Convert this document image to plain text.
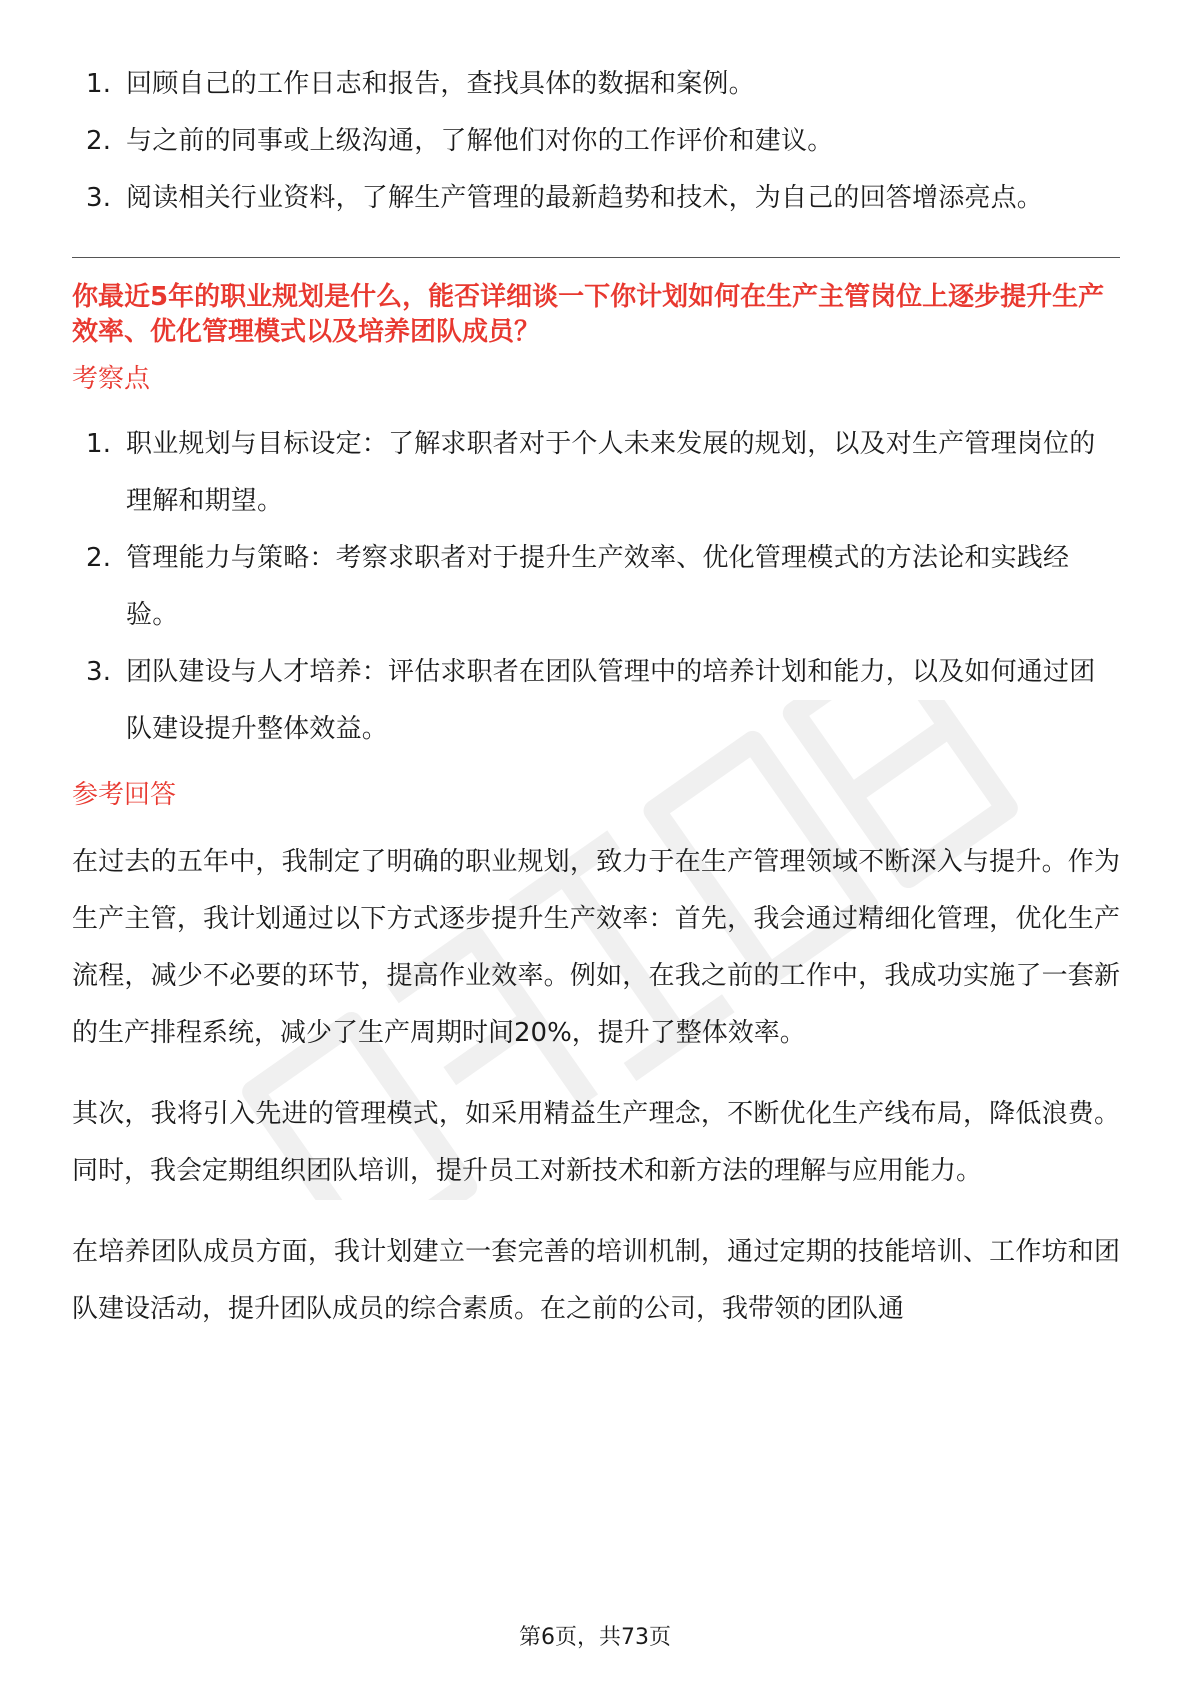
1. 回顾自己的工作日志和报告，查找具体的数据和案例。
2. 与之前的同事或上级沟通，了解他们对你的工作评价和建议。
3. 阅读相关行业资料，了解生产管理的最新趋势和技术，为自己的回答增添亮点。

你最近5年的职业规划是什么，能否详细谈一下你计划如何在生产主管岗位上逐步提升生产效率、优化管理模式以及培养团队成员？

考察点

1. 职业规划与目标设定：了解求职者对于个人未来发展的规划，以及对生产管理岗位的理解和期望。
2. 管理能力与策略：考察求职者对于提升生产效率、优化管理模式的方法论和实践经验。
3. 团队建设与人才培养：评估求职者在团队管理中的培养计划和能力，以及如何通过团队建设提升整体效益。

参考回答

在过去的五年中，我制定了明确的职业规划，致力于在生产管理领域不断深入与提升。作为生产主管，我计划通过以下方式逐步提升生产效率：首先，我会通过精细化管理，优化生产流程，减少不必要的环节，提高作业效率。例如，在我之前的工作中，我成功实施了一套新的生产排程系统，减少了生产周期时间20%，提升了整体效率。

其次，我将引入先进的管理模式，如采用精益生产理念，不断优化生产线布局，降低浪费。同时，我会定期组织团队培训，提升员工对新技术和新方法的理解与应用能力。

在培养团队成员方面，我计划建立一套完善的培训机制，通过定期的技能培训、工作坊和团队建设活动，提升团队成员的综合素质。在之前的公司，我带领的团队通

第6页，共73页
